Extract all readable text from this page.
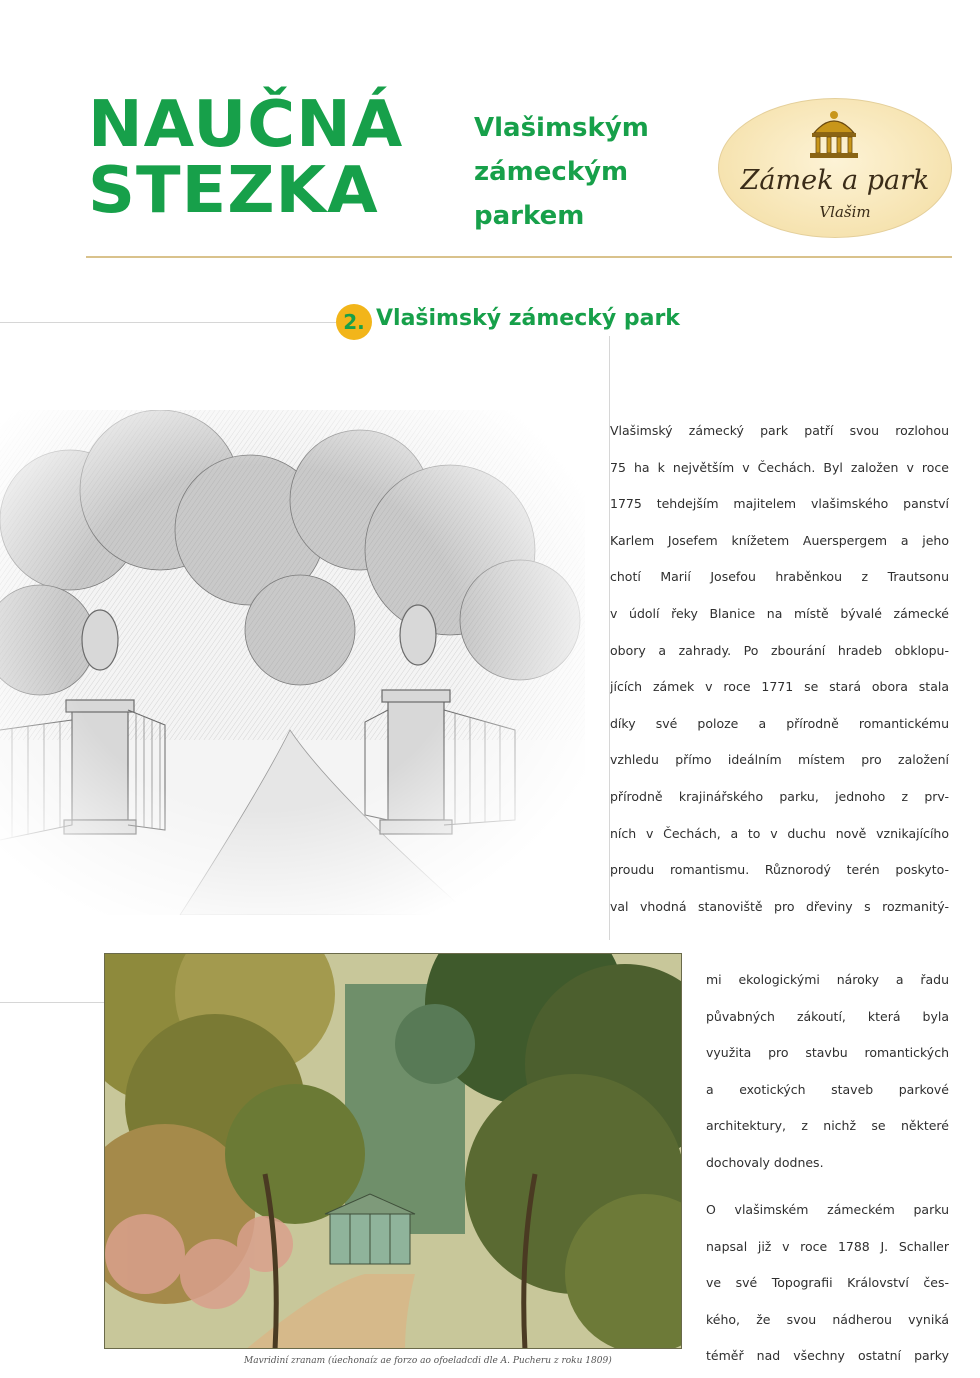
NAUČNÁ
STEZKA
Vlašimským
zámeckým
parkem
Zámek a park
Vlašim
2. Vlašimský zámecký park
Mavridiní zranam (úechonaíz ae forzo ao ofoeladcdi dle A. Pucheru z roku 1809)
Vlašimský zámecký park patří svou rozlohou
75 ha k největším v Čechách. Byl založen v roce
1775 tehdejším majitelem vlašimského panství
Karlem Josefem knížetem Auerspergem a jeho
chotí Marií Josefou hraběnkou z Trautsonu
v údolí řeky Blanice na místě bývalé zámecké
obory a zahrady. Po zbourání hradeb obklopu-
jících zámek v roce 1771 se stará obora stala
díky své poloze a přírodně romantickému
vzhledu přímo ideálním místem pro založení
přírodně krajinářského parku, jednoho z prv-
ních v Čechách, a to v duchu nově vznikajícího
proudu romantismu. Různorodý terén poskyto-
val vhodná stanoviště pro dřeviny s rozmanitý-
mi ekologickými nároky a řadu
půvabných zákoutí, která byla
využita pro stavbu romantických
a exotických staveb parkové
architektury, z nichž se některé
dochovaly dodnes.
O vlašimském zámeckém parku
napsal již v roce 1788 J. Schaller
ve své Topografii Království čes-
kého, že svou nádherou vyniká
téměř nad všechny ostatní parky
